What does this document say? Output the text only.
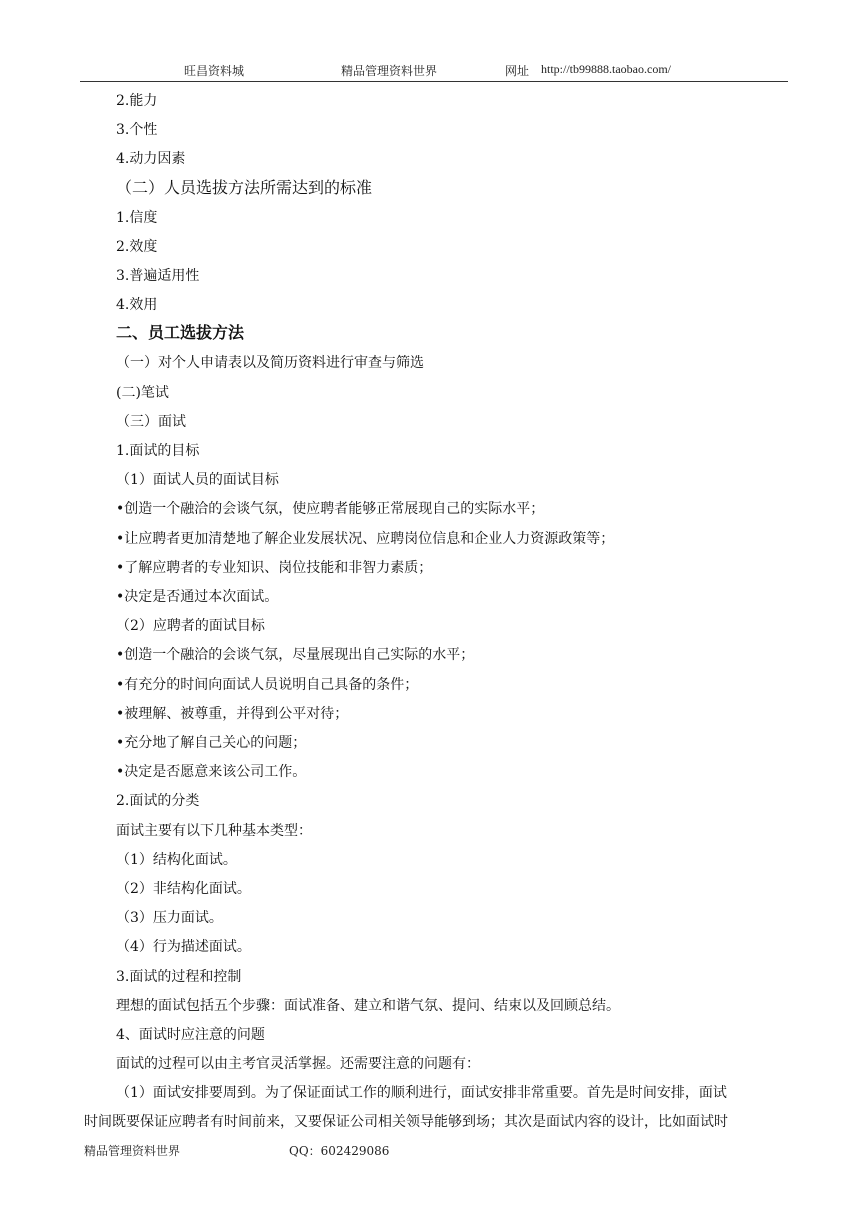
旺昌资料城	精品管理资料世界	网址 http://tb99888.taobao.com/
2.能力
3.个性
4.动力因素
（二）人员选拔方法所需达到的标准
1.信度
2.效度
3.普遍适用性
4.效用
二、员工选拔方法
（一）对个人申请表以及简历资料进行审查与筛选
(二)笔试
（三）面试
1.面试的目标
（1）面试人员的面试目标
•创造一个融洽的会谈气氛，使应聘者能够正常展现自己的实际水平；
•让应聘者更加清楚地了解企业发展状况、应聘岗位信息和企业人力资源政策等；
•了解应聘者的专业知识、岗位技能和非智力素质；
•决定是否通过本次面试。
（2）应聘者的面试目标
•创造一个融洽的会谈气氛，尽量展现出自己实际的水平；
•有充分的时间向面试人员说明自己具备的条件；
•被理解、被尊重，并得到公平对待；
•充分地了解自己关心的问题；
•决定是否愿意来该公司工作。
2.面试的分类
面试主要有以下几种基本类型：
（1）结构化面试。
（2）非结构化面试。
（3）压力面试。
（4）行为描述面试。
3.面试的过程和控制
理想的面试包括五个步骤：面试准备、建立和谐气氛、提问、结束以及回顾总结。
4、面试时应注意的问题
面试的过程可以由主考官灵活掌握。还需要注意的问题有：
（1）面试安排要周到。为了保证面试工作的顺利进行，面试安排非常重要。首先是时间安排，面试
时间既要保证应聘者有时间前来，又要保证公司相关领导能够到场；其次是面试内容的设计，比如面试时
精品管理资料世界	QQ：602429086
